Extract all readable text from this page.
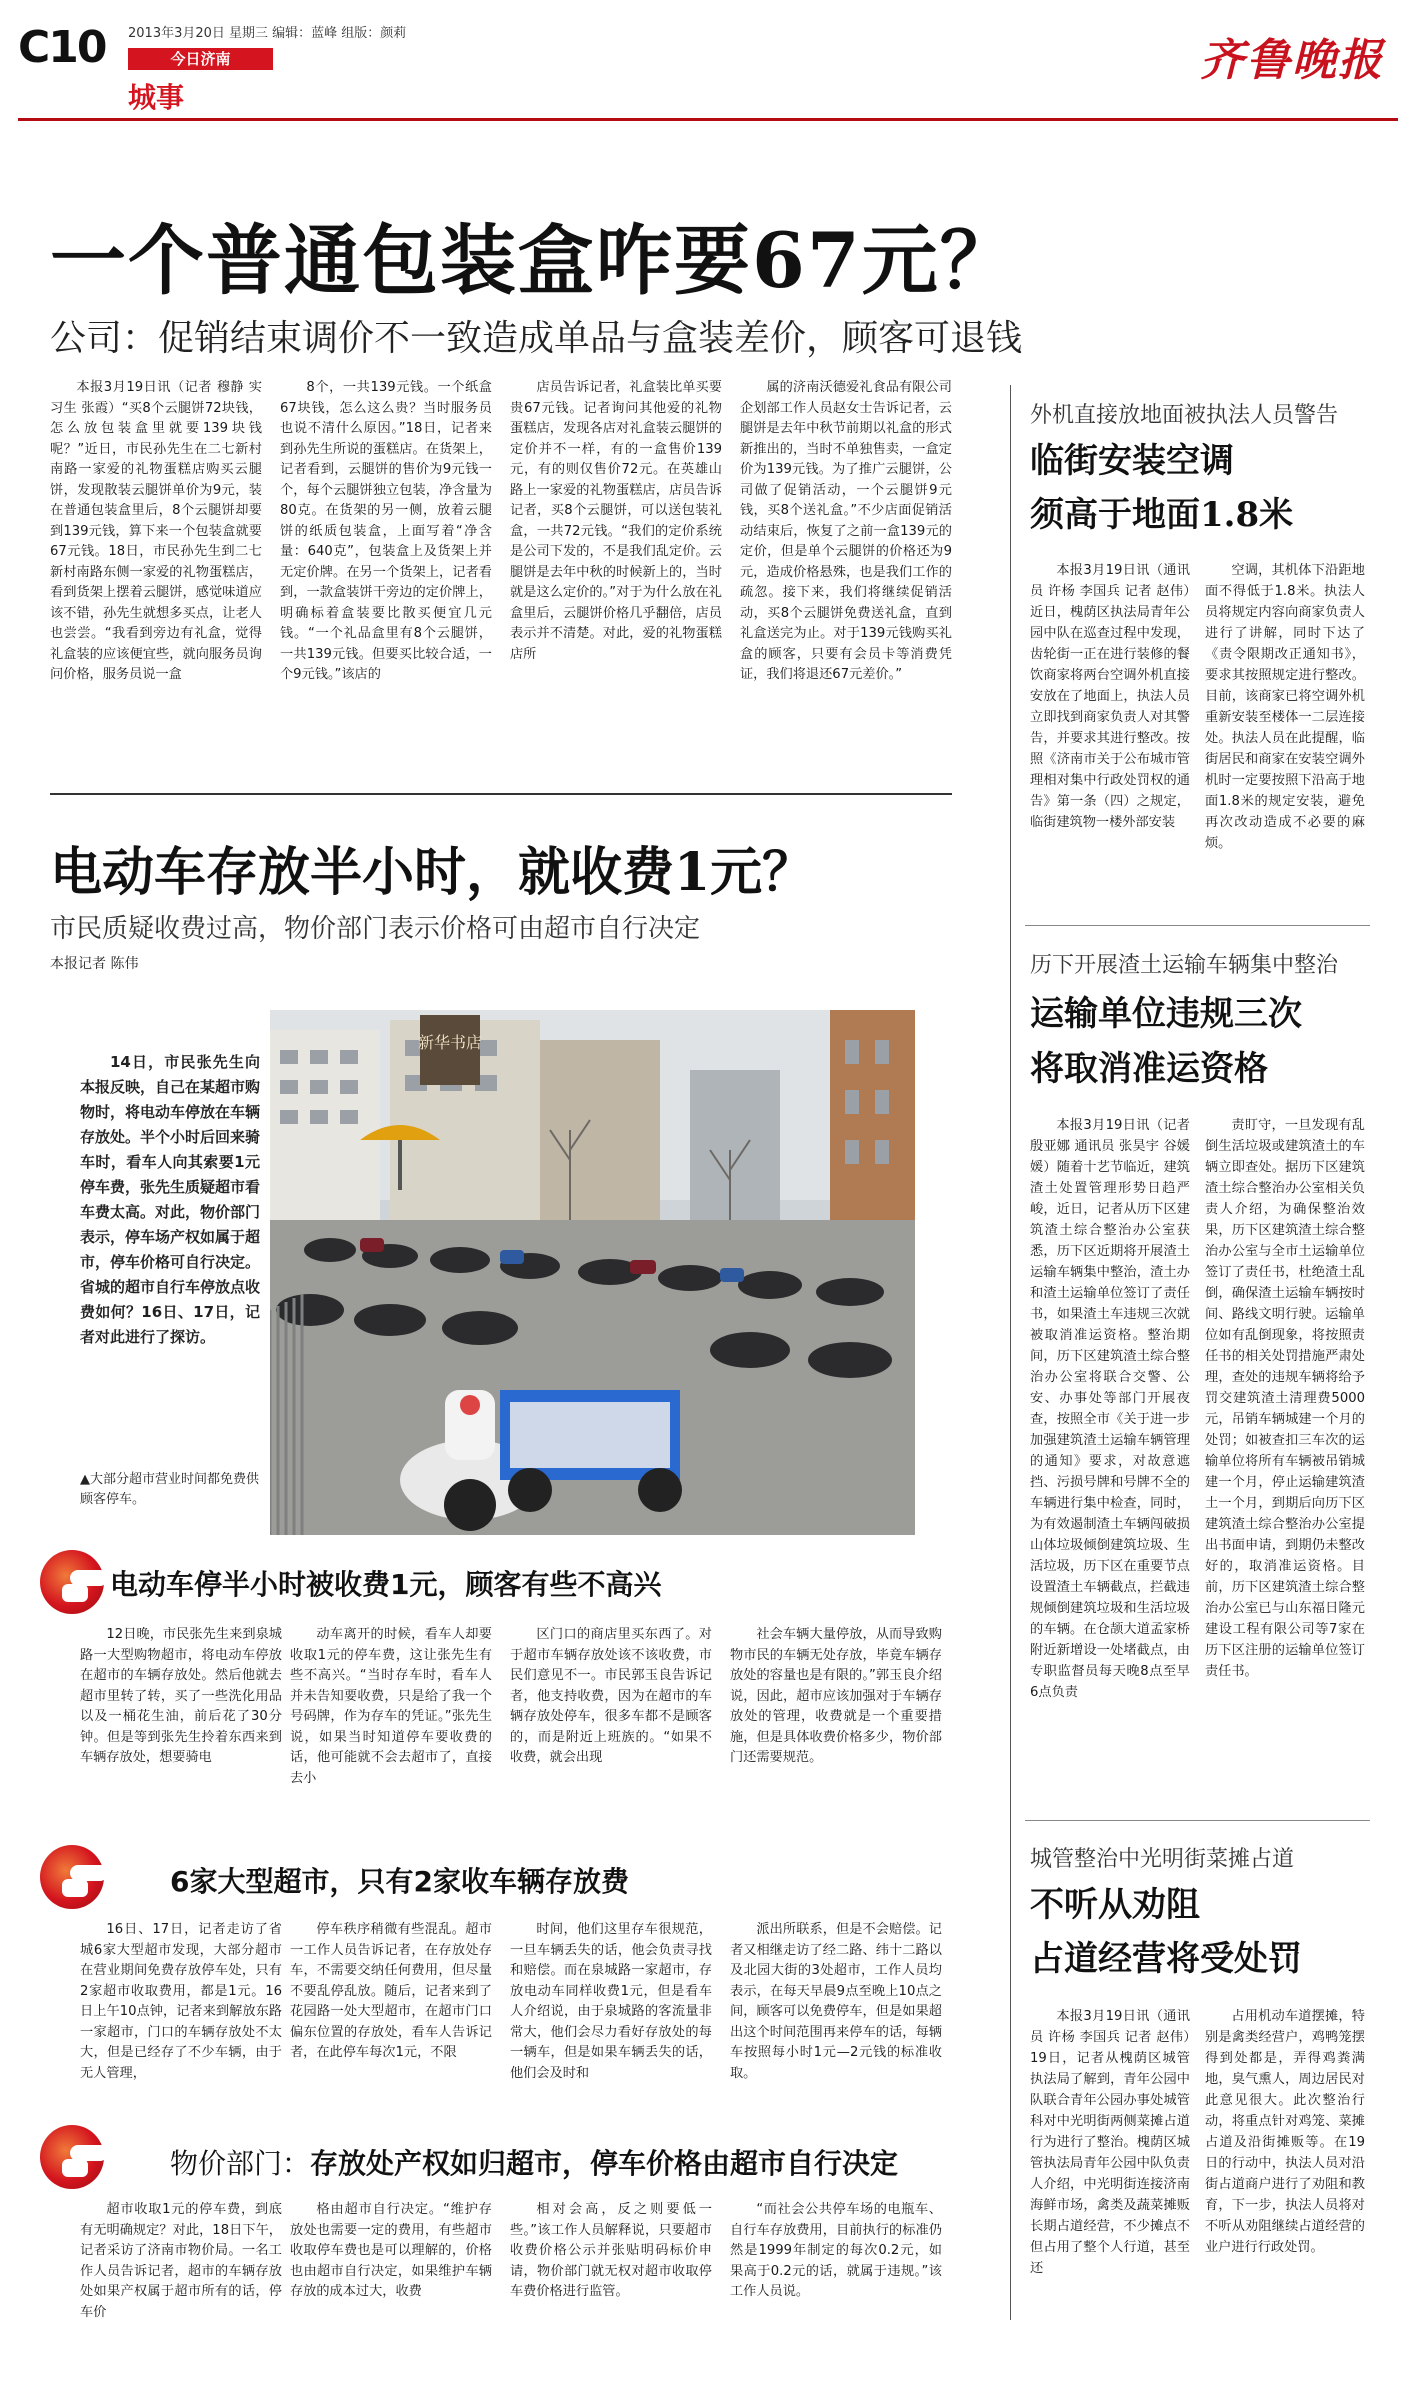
C10 2013年3月20日 星期三 编辑：蓝峰 组版：颜莉
今日济南
城事
齐鲁晚报
一个普通包装盒咋要67元？
公司：促销结束调价不一致造成单品与盒装差价，顾客可退钱

本报3月19日讯（记者 穆静 实习生 张霞）“买8个云腿饼72块钱，怎么放包装盒里就要139块钱呢？”近日，市民孙先生在二七新村南路一家爱的礼物蛋糕店购买云腿饼，发现散装云腿饼单价为9元，装在普通包装盒里后，8个云腿饼却要到139元钱，算下来一个包装盒就要67元钱。18日，市民孙先生到二七新村南路东侧一家爱的礼物蛋糕店，看到货架上摆着云腿饼，感觉味道应该不错，孙先生就想多买点，让老人也尝尝。“我看到旁边有礼盒，觉得礼盒装的应该便宜些，就向服务员询问价格，服务员说一盒

8个，一共139元钱。一个纸盒67块钱，怎么这么贵？当时服务员也说不清什么原因。”18日，记者来到孙先生所说的蛋糕店。在货架上，记者看到，云腿饼的售价为9元钱一个，每个云腿饼独立包装，净含量为80克。在货架的另一侧，放着云腿饼的纸质包装盒，上面写着“净含量：640克”，包装盒上及货架上并无定价牌。在另一个货架上，记者看到，一款盒装饼干旁边的定价牌上，明确标着盒装要比散买便宜几元钱。“一个礼品盒里有8个云腿饼，一共139元钱。但要买比较合适，一个9元钱。”该店的

店员告诉记者，礼盒装比单买要贵67元钱。记者询问其他爱的礼物蛋糕店，发现各店对礼盒装云腿饼的定价并不一样，有的一盒售价139元，有的则仅售价72元。在英雄山路上一家爱的礼物蛋糕店，店员告诉记者，买8个云腿饼，可以送包装礼盒，一共72元钱。“我们的定价系统是公司下发的，不是我们乱定价。云腿饼是去年中秋的时候新上的，当时就是这么定价的。”对于为什么放在礼盒里后，云腿饼价格几乎翻倍，店员表示并不清楚。对此，爱的礼物蛋糕店所

属的济南沃德爱礼食品有限公司企划部工作人员赵女士告诉记者，云腿饼是去年中秋节前期以礼盒的形式新推出的，当时不单独售卖，一盒定价为139元钱。为了推广云腿饼，公司做了促销活动，一个云腿饼9元钱，买8个送礼盒。”不少店面促销活动结束后，恢复了之前一盒139元的定价，但是单个云腿饼的价格还为9元，造成价格悬殊，也是我们工作的疏忽。接下来，我们将继续促销活动，买8个云腿饼免费送礼盒，直到礼盒送完为止。对于139元钱购买礼盒的顾客，只要有会员卡等消费凭证，我们将退还67元差价。”

电动车存放半小时，就收费1元？
市民质疑收费过高，物价部门表示价格可由超市自行决定
本报记者 陈伟

14日，市民张先生向本报反映，自己在某超市购物时，将电动车停放在车辆存放处。半个小时后回来骑车时，看车人向其索要1元停车费，张先生质疑超市看车费太高。对此，物价部门表示，停车场产权如属于超市，停车价格可自行决定。省城的超市自行车停放点收费如何？16日、17日，记者对此进行了探访。

新华书店
▲大部分超市营业时间都免费供顾客停车。
电动车停半小时被收费1元，顾客有些不高兴

12日晚，市民张先生来到泉城路一大型购物超市，将电动车停放在超市的车辆存放处。然后他就去超市里转了转，买了一些洗化用品以及一桶花生油，前后花了30分钟。但是等到张先生拎着东西来到车辆存放处，想要骑电

动车离开的时候，看车人却要收取1元的停车费，这让张先生有些不高兴。“当时存车时，看车人并未告知要收费，只是给了我一个号码牌，作为存车的凭证。”张先生说，如果当时知道停车要收费的话，他可能就不会去超市了，直接去小

区门口的商店里买东西了。对于超市车辆存放处该不该收费，市民们意见不一。市民郭玉良告诉记者，他支持收费，因为在超市的车辆存放处停车，很多车都不是顾客的，而是附近上班族的。“如果不收费，就会出现

社会车辆大量停放，从而导致购物市民的车辆无处存放，毕竟车辆存放处的容量也是有限的。”郭玉良介绍说，因此，超市应该加强对于车辆存放处的管理，收费就是一个重要措施，但是具体收费价格多少，物价部门还需要规范。

6家大型超市，只有2家收车辆存放费

16日、17日，记者走访了省城6家大型超市发现，大部分超市在营业期间免费存放停车处，只有2家超市收取费用，都是1元。16日上午10点钟，记者来到解放东路一家超市，门口的车辆存放处不太大，但是已经存了不少车辆，由于无人管理，

停车秩序稍微有些混乱。超市一工作人员告诉记者，在存放处存车，不需要交纳任何费用，但尽量不要乱停乱放。随后，记者来到了花园路一处大型超市，在超市门口偏东位置的存放处，看车人告诉记者，在此停车每次1元，不限

时间，他们这里存车很规范，一旦车辆丢失的话，他会负责寻找和赔偿。而在泉城路一家超市，存放电动车同样收费1元，但是看车人介绍说，由于泉城路的客流量非常大，他们会尽力看好存放处的每一辆车，但是如果车辆丢失的话，他们会及时和

派出所联系，但是不会赔偿。记者又相继走访了经二路、纬十二路以及北园大街的3处超市，工作人员均表示，在每天早晨9点至晚上10点之间，顾客可以免费停车，但是如果超出这个时间范围再来停车的话，每辆车按照每小时1元—2元钱的标准收取。

物价部门：存放处产权如归超市，停车价格由超市自行决定

超市收取1元的停车费，到底有无明确规定？对此，18日下午，记者采访了济南市物价局。一名工作人员告诉记者，超市的车辆存放处如果产权属于超市所有的话，停车价

格由超市自行决定。“维护存放处也需要一定的费用，有些超市收取停车费也是可以理解的，价格也由超市自行决定，如果维护车辆存放的成本过大，收费

相对会高，反之则要低一些。”该工作人员解释说，只要超市收费价格公示并张贴明码标价申请，物价部门就无权对超市收取停车费价格进行监管。

“而社会公共停车场的电瓶车、自行车存放费用，目前执行的标准仍然是1999年制定的每次0.2元，如果高于0.2元的话，就属于违规。”该工作人员说。

外机直接放地面被执法人员警告
临街安装空调
须高于地面1.8米

本报3月19日讯（通讯员 许杨 李国兵 记者 赵伟）近日，槐荫区执法局青年公园中队在巡查过程中发现，齿轮街一正在进行装修的餐饮商家将两台空调外机直接安放在了地面上，执法人员立即找到商家负责人对其警告，并要求其进行整改。按照《济南市关于公布城市管理相对集中行政处罚权的通告》第一条（四）之规定，临街建筑物一楼外部安装

空调，其机体下沿距地面不得低于1.8米。执法人员将规定内容向商家负责人进行了讲解，同时下达了《责令限期改正通知书》，要求其按照规定进行整改。目前，该商家已将空调外机重新安装至楼体一二层连接处。执法人员在此提醒，临街居民和商家在安装空调外机时一定要按照下沿高于地面1.8米的规定安装，避免再次改动造成不必要的麻烦。

历下开展渣土运输车辆集中整治
运输单位违规三次
将取消准运资格

本报3月19日讯（记者 殷亚娜 通讯员 张昊宇 谷媛媛）随着十艺节临近，建筑渣土处置管理形势日趋严峻，近日，记者从历下区建筑渣土综合整治办公室获悉，历下区近期将开展渣土运输车辆集中整治，渣土办和渣土运输单位签订了责任书，如果渣土车违规三次就被取消准运资格。整治期间，历下区建筑渣土综合整治办公室将联合交警、公安、办事处等部门开展夜查，按照全市《关于进一步加强建筑渣土运输车辆管理的通知》要求，对故意遮挡、污损号牌和号牌不全的车辆进行集中检查，同时，为有效遏制渣土车辆闯破损山体垃圾倾倒建筑垃圾、生活垃圾，历下区在重要节点设置渣土车辆截点，拦截违规倾倒建筑垃圾和生活垃圾的车辆。在仓颉大道孟家桥附近新增设一处堵截点，由专职监督员每天晚8点至早6点负责

责盯守，一旦发现有乱倒生活垃圾或建筑渣土的车辆立即查处。据历下区建筑渣土综合整治办公室相关负责人介绍，为确保整治效果，历下区建筑渣土综合整治办公室与全市土运输单位签订了责任书，杜绝渣土乱倒，确保渣土运输车辆按时间、路线文明行驶。运输单位如有乱倒现象，将按照责任书的相关处罚措施严肃处理，查处的违规车辆将给予罚交建筑渣土清理费5000元，吊销车辆城建一个月的处罚；如被查扣三车次的运输单位将所有车辆被吊销城建一个月，停止运输建筑渣土一个月，到期后向历下区建筑渣土综合整治办公室提出书面申请，到期仍未整改好的，取消准运资格。目前，历下区建筑渣土综合整治办公室已与山东福日隆元建设工程有限公司等7家在历下区注册的运输单位签订责任书。

城管整治中光明街菜摊占道
不听从劝阻
占道经营将受处罚

本报3月19日讯（通讯员 许杨 李国兵 记者 赵伟）19日，记者从槐荫区城管执法局了解到，青年公园中队联合青年公园办事处城管科对中光明街两侧菜摊占道行为进行了整治。槐荫区城管执法局青年公园中队负责人介绍，中光明街连接济南海鲜市场，禽类及蔬菜摊贩长期占道经营，不少摊点不但占用了整个人行道，甚至还

占用机动车道摆摊，特别是禽类经营户，鸡鸭笼摆得到处都是，弄得鸡粪满地，臭气熏人，周边居民对此意见很大。此次整治行动，将重点针对鸡笼、菜摊占道及沿街摊贩等。在19日的行动中，执法人员对沿街占道商户进行了劝阻和教育，下一步，执法人员将对不听从劝阻继续占道经营的业户进行行政处罚。
